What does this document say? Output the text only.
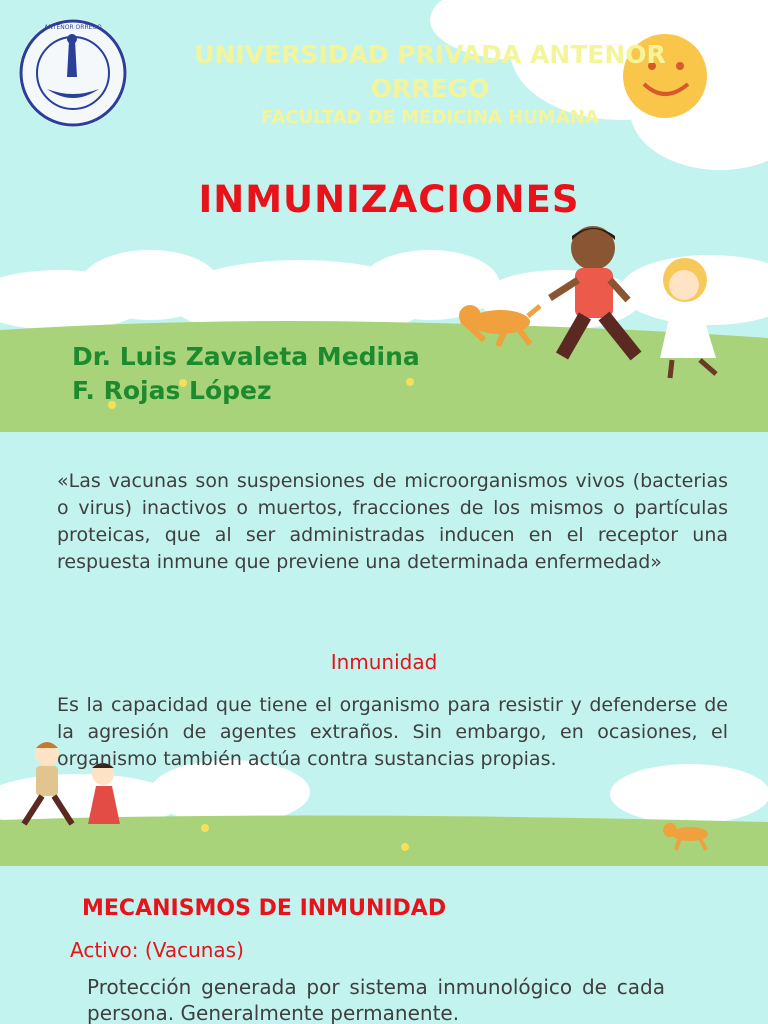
ANTENOR ORREGO
UNIVERSIDAD PRIVADA ANTENOR
ORREGO
FACULTAD DE MEDICINA HUMANA
INMUNIZACIONES
Dr. Luis Zavaleta Medina
F. Rojas López
«Las vacunas son suspensiones de microorganismos vivos (bacterias o virus) inactivos o muertos, fracciones de los mismos o partículas proteicas, que al ser administradas inducen en el receptor una respuesta inmune que previene una determinada enfermedad»
Inmunidad
Es la capacidad que tiene el organismo para resistir y defenderse de la agresión de agentes extraños. Sin embargo, en ocasiones, el organismo también actúa contra sustancias propias.
MECANISMOS DE INMUNIDAD
Activo: (Vacunas)
Protección generada por sistema inmunológico de cada persona. Generalmente permanente.
